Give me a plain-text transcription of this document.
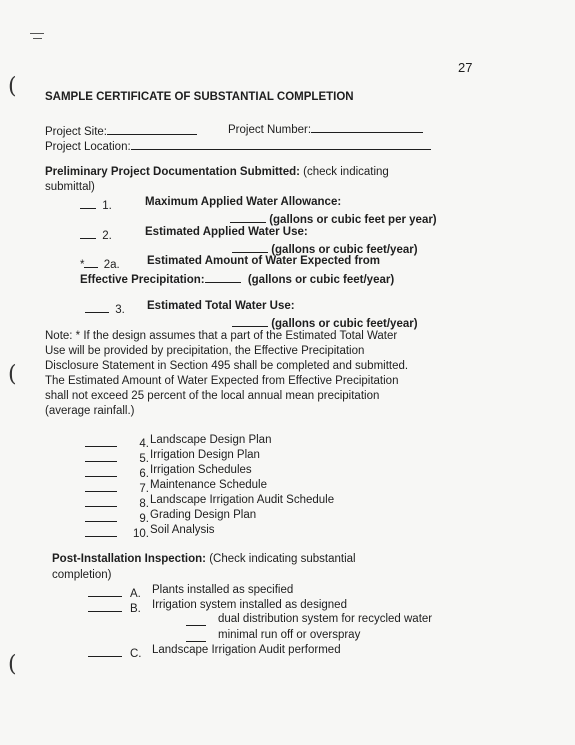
(
(
(
27
SAMPLE CERTIFICATE OF SUBSTANTIAL COMPLETION
Project Site:	Project Number:
Project Location:
Preliminary Project Documentation Submitted: (check indicating
submittal)
1.	Maximum Applied Water Allowance:
(gallons or cubic feet per year)
2.	Estimated Applied Water Use:
(gallons or cubic feet/year)
* 2a. Estimated Amount of Water Expected from
Effective Precipitation:	(gallons or cubic feet/year)
3. Estimated Total Water Use:
(gallons or cubic feet/year)
Note: * If the design assumes that a part of the Estimated Total Water
Use will be provided by precipitation, the Effective Precipitation
Disclosure Statement in Section 495 shall be completed and submitted.
The Estimated Amount of Water Expected from Effective Precipitation
shall not exceed 25 percent of the local annual mean precipitation
(average rainfall.)
4. Landscape Design Plan
5. Irrigation Design Plan
6. Irrigation Schedules
7. Maintenance Schedule
8. Landscape Irrigation Audit Schedule
9. Grading Design Plan
10. Soil Analysis
Post-Installation Inspection: (Check indicating substantial
completion)
A. Plants installed as specified
B. Irrigation system installed as designed
dual distribution system for recycled water
minimal run off or overspray
C. Landscape Irrigation Audit performed
